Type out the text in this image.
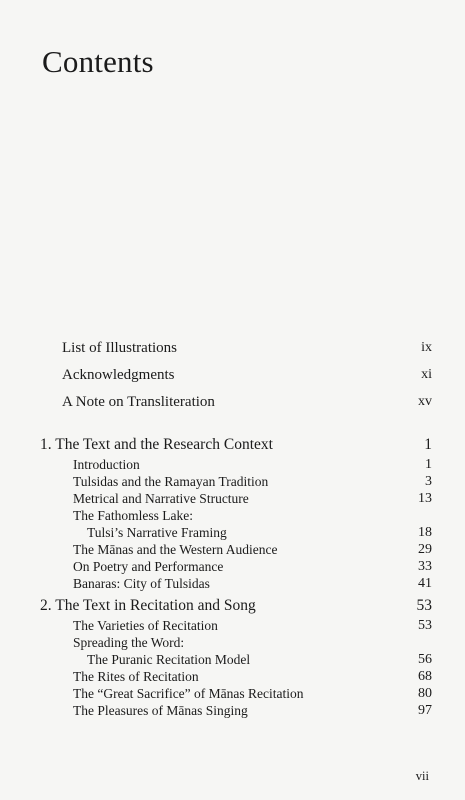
Contents
List of Illustrations	ix
Acknowledgments	xi
A Note on Transliteration	xv
1. The Text and the Research Context	1
Introduction	1
Tulsidas and the Ramayan Tradition	3
Metrical and Narrative Structure	13
The Fathomless Lake:
Tulsi’s Narrative Framing	18
The Mānas and the Western Audience	29
On Poetry and Performance	33
Banaras: City of Tulsidas	41
2. The Text in Recitation and Song	53
The Varieties of Recitation	53
Spreading the Word:
The Puranic Recitation Model	56
The Rites of Recitation	68
The “Great Sacrifice” of Mānas Recitation	80
The Pleasures of Mānas Singing	97
vii
